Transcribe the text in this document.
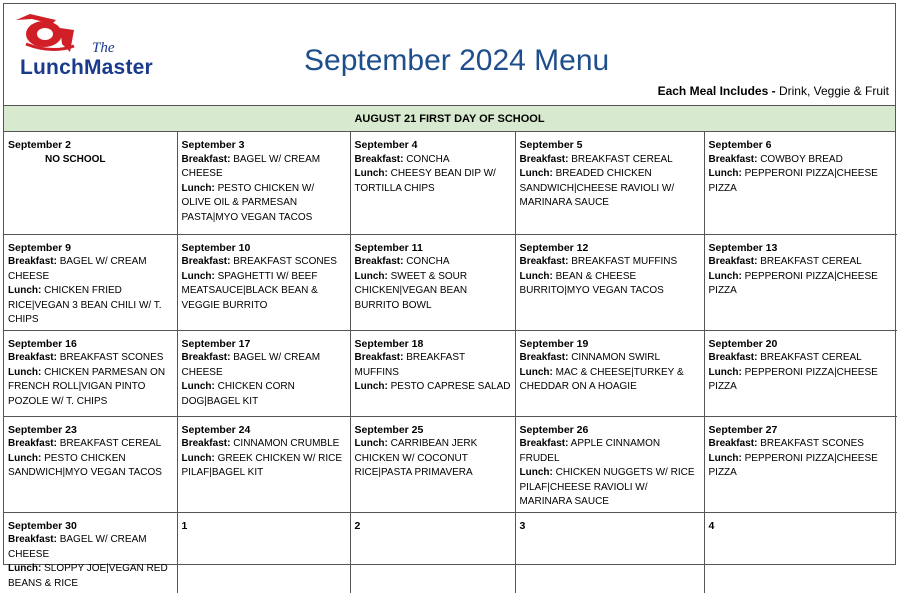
The
LunchMaster	September 2024 Menu
Each Meal Includes - Drink, Veggie & Fruit
AUGUST 21 FIRST DAY OF SCHOOL
September 2
NO SCHOOL	September 3
Breakfast: BAGEL W/ CREAM CHEESE
Lunch: PESTO CHICKEN W/ OLIVE OIL & PARMESAN PASTA|MYO VEGAN TACOS	September 4
Breakfast: CONCHA
Lunch: CHEESY BEAN DIP W/ TORTILLA CHIPS	September 5
Breakfast: BREAKFAST CEREAL
Lunch: BREADED CHICKEN SANDWICH|CHEESE RAVIOLI W/ MARINARA SAUCE	September 6
Breakfast: COWBOY BREAD
Lunch: PEPPERONI PIZZA|CHEESE PIZZA

September 9
Breakfast: BAGEL W/ CREAM CHEESE
Lunch: CHICKEN FRIED RICE|VEGAN 3 BEAN CHILI W/ T. CHIPS	September 10
Breakfast: BREAKFAST SCONES
Lunch: SPAGHETTI W/ BEEF MEATSAUCE|BLACK BEAN & VEGGIE BURRITO	September 11
Breakfast: CONCHA
Lunch: SWEET & SOUR CHICKEN|VEGAN BEAN BURRITO BOWL	September 12
Breakfast: BREAKFAST MUFFINS
Lunch: BEAN & CHEESE BURRITO|MYO VEGAN TACOS	September 13
Breakfast: BREAKFAST CEREAL
Lunch: PEPPERONI PIZZA|CHEESE PIZZA

September 16
Breakfast: BREAKFAST SCONES
Lunch: CHICKEN PARMESAN ON FRENCH ROLL|VIGAN PINTO POZOLE W/ T. CHIPS	September 17
Breakfast: BAGEL W/ CREAM CHEESE
Lunch: CHICKEN CORN DOG|BAGEL KIT	September 18
Breakfast: BREAKFAST MUFFINS
Lunch: PESTO CAPRESE SALAD	September 19
Breakfast: CINNAMON SWIRL
Lunch: MAC & CHEESE|TURKEY & CHEDDAR ON A HOAGIE	September 20
Breakfast: BREAKFAST CEREAL
Lunch: PEPPERONI PIZZA|CHEESE PIZZA

September 23
Breakfast: BREAKFAST CEREAL
Lunch: PESTO CHICKEN SANDWICH|MYO VEGAN TACOS	September 24
Breakfast: CINNAMON CRUMBLE
Lunch: GREEK CHICKEN W/ RICE PILAF|BAGEL KIT	September 25
Lunch: CARRIBEAN JERK CHICKEN W/ COCONUT RICE|PASTA PRIMAVERA	September 26
Breakfast: APPLE CINNAMON FRUDEL
Lunch: CHICKEN NUGGETS W/ RICE PILAF|CHEESE RAVIOLI W/ MARINARA SAUCE	September 27
Breakfast: BREAKFAST SCONES
Lunch: PEPPERONI PIZZA|CHEESE PIZZA

September 30
Breakfast: BAGEL W/ CREAM CHEESE
Lunch: SLOPPY JOE|VEGAN RED BEANS & RICE	1	2	3	4
